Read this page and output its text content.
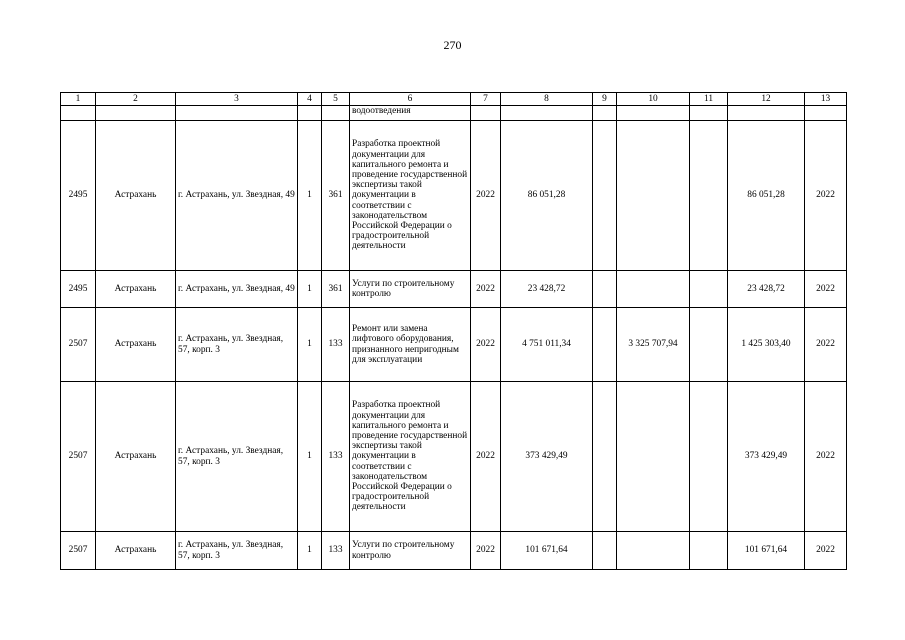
270
1	2	3	4	5	6	7	8	9	10	11	12	13
					водоотведения							
2495	Астрахань	г. Астрахань, ул. Звездная, 49	1	361	Разработка проектной документации для капитального ремонта и проведение государственной экспертизы такой документации в соответствии с законодательством Российской Федерации о градостроительной деятельности	2022	86 051,28				86 051,28	2022
2495	Астрахань	г. Астрахань, ул. Звездная, 49	1	361	Услуги по строительному контролю	2022	23 428,72				23 428,72	2022
2507	Астрахань	г. Астрахань, ул. Звездная, 57, корп. 3	1	133	Ремонт или замена лифтового оборудования, признанного непригодным для эксплуатации	2022	4 751 011,34		3 325 707,94		1 425 303,40	2022
2507	Астрахань	г. Астрахань, ул. Звездная, 57, корп. 3	1	133	Разработка проектной документации для капитального ремонта и проведение государственной экспертизы такой документации в соответствии с законодательством Российской Федерации о градостроительной деятельности	2022	373 429,49				373 429,49	2022
2507	Астрахань	г. Астрахань, ул. Звездная, 57, корп. 3	1	133	Услуги по строительному контролю	2022	101 671,64				101 671,64	2022
